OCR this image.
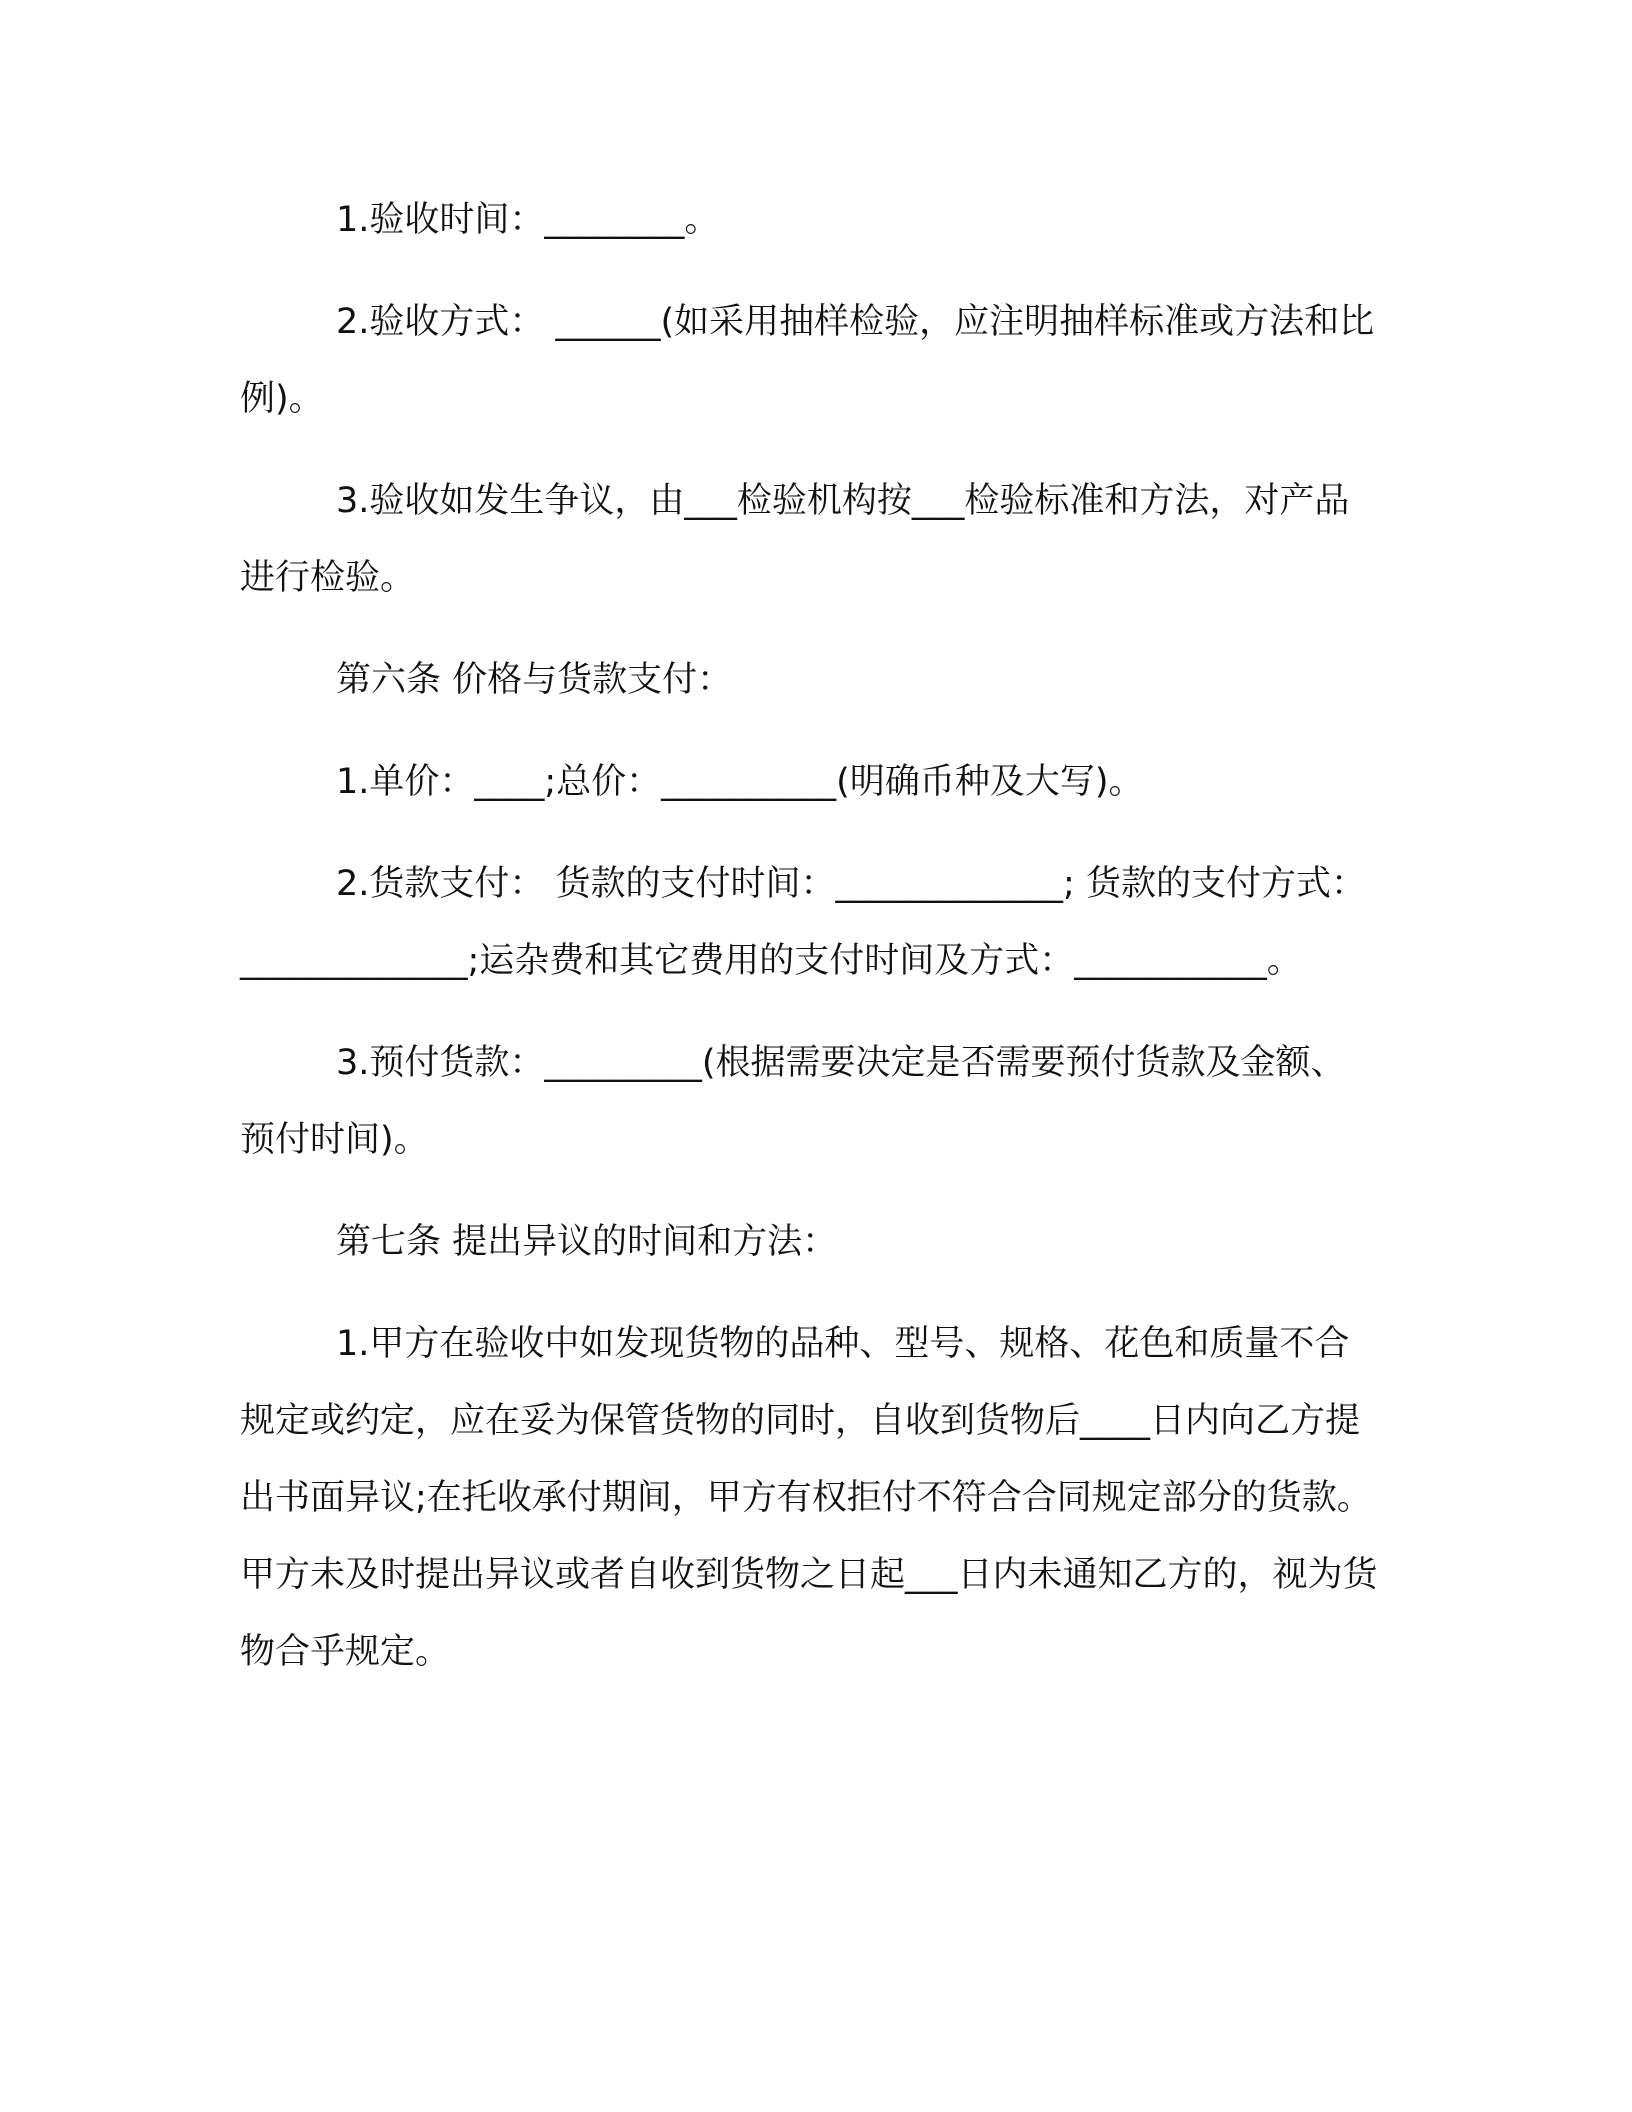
1.验收时间：________。

2.验收方式： ______(如采用抽样检验，应注明抽样标准或方法和比例)。

3.验收如发生争议，由___检验机构按___检验标准和方法，对产品进行检验。

第六条 价格与货款支付：

1.单价：____;总价：__________(明确币种及大写)。

2.货款支付： 货款的支付时间：_____________; 货款的支付方式：_____________;运杂费和其它费用的支付时间及方式：___________。

3.预付货款：_________(根据需要决定是否需要预付货款及金额、预付时间)。

第七条 提出异议的时间和方法：

1.甲方在验收中如发现货物的品种、型号、规格、花色和质量不合规定或约定，应在妥为保管货物的同时，自收到货物后____日内向乙方提出书面异议;在托收承付期间，甲方有权拒付不符合合同规定部分的货款。甲方未及时提出异议或者自收到货物之日起___日内未通知乙方的，视为货物合乎规定。
